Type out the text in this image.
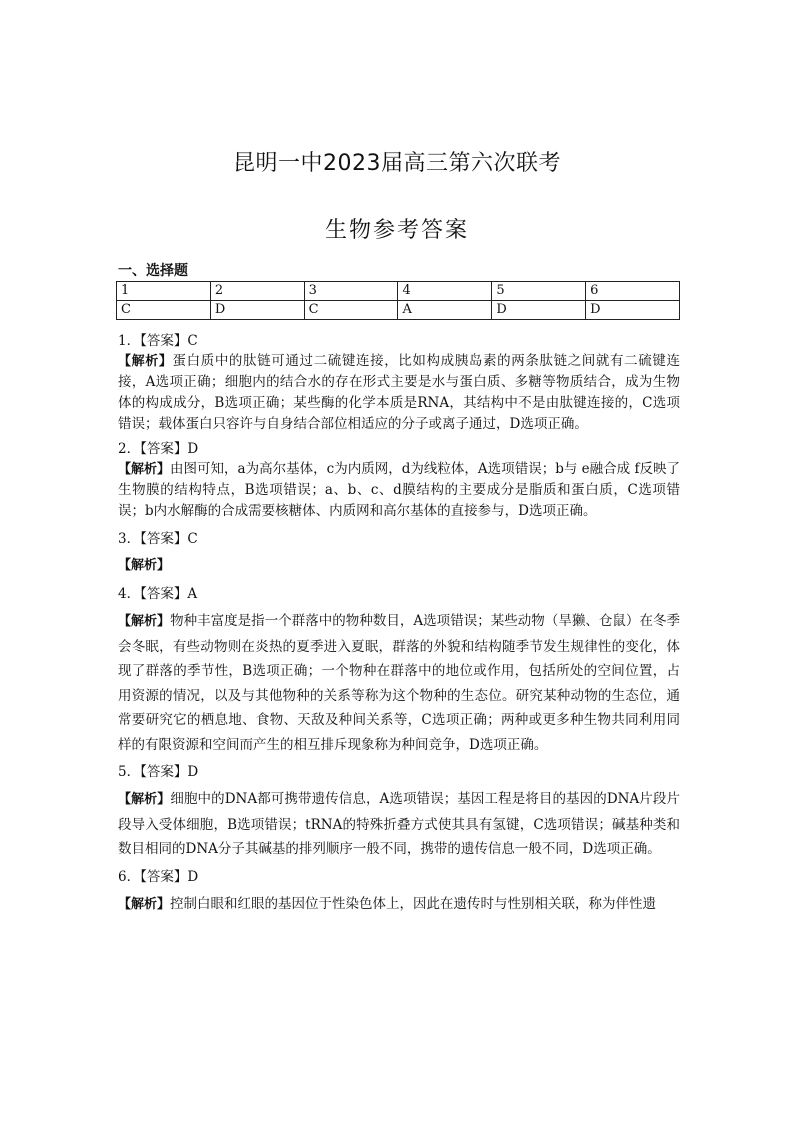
昆明一中2023届高三第六次联考
生物参考答案
一、选择题
1	2	3	4	5	6
C	D	C	A	D	D

1．【答案】C

【解析】蛋白质中的肽链可通过二硫键连接，比如构成胰岛素的两条肽链之间就有二硫键连接，A选项正确；细胞内的结合水的存在形式主要是水与蛋白质、多糖等物质结合，成为生物体的构成成分，B选项正确；某些酶的化学本质是RNA，其结构中不是由肽键连接的，C选项错误；载体蛋白只容许与自身结合部位相适应的分子或离子通过，D选项正确。

2．【答案】D

【解析】由图可知，a为高尔基体，c为内质网，d为线粒体，A选项错误；b与 e融合成 f反映了生物膜的结构特点，B选项错误；a、b、c、d膜结构的主要成分是脂质和蛋白质，C选项错误；b内水解酶的合成需要核糖体、内质网和高尔基体的直接参与，D选项正确。

3．【答案】C

【解析】

4．【答案】A

【解析】物种丰富度是指一个群落中的物种数目，A选项错误；某些动物（旱獭、仓鼠）在冬季会冬眠，有些动物则在炎热的夏季进入夏眠，群落的外貌和结构随季节发生规律性的变化，体现了群落的季节性，B选项正确；一个物种在群落中的地位或作用，包括所处的空间位置，占用资源的情况，以及与其他物种的关系等称为这个物种的生态位。研究某种动物的生态位，通常要研究它的栖息地、食物、天敌及种间关系等，C选项正确；两种或更多种生物共同利用同样的有限资源和空间而产生的相互排斥现象称为种间竞争，D选项正确。

5．【答案】D

【解析】细胞中的DNA都可携带遗传信息，A选项错误；基因工程是将目的基因的DNA片段片段导入受体细胞，B选项错误；tRNA的特殊折叠方式使其具有氢键，C选项错误；碱基种类和数目相同的DNA分子其碱基的排列顺序一般不同，携带的遗传信息一般不同，D选项正确。

6．【答案】D

【解析】控制白眼和红眼的基因位于性染色体上，因此在遗传时与性别相关联，称为伴性遗
